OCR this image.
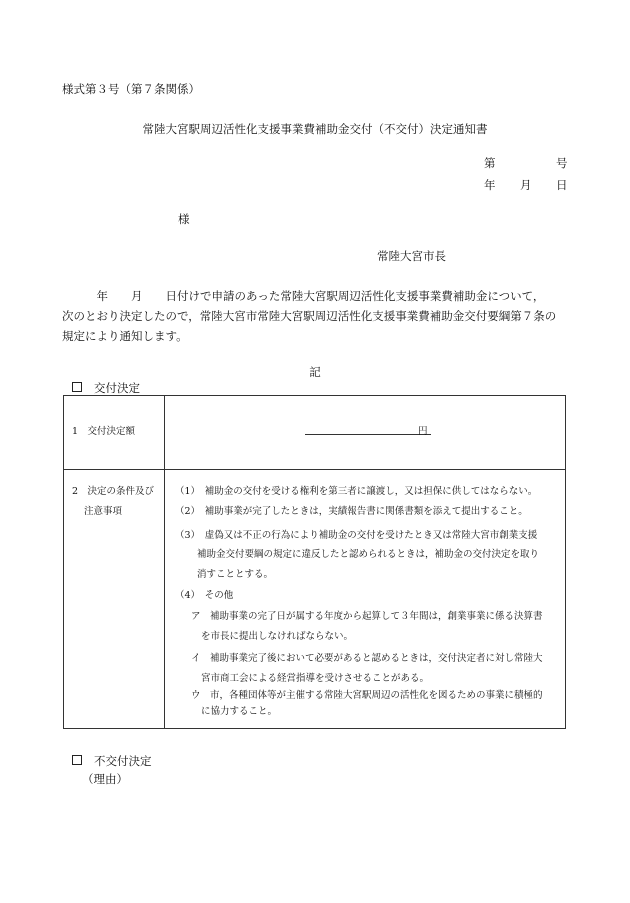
様式第３号（第７条関係）
常陸大宮駅周辺活性化支援事業費補助金交付（不交付）決定通知書
第	号
年 月 日
様
常陸大宮市長
　　　年　　月　　日付けで申請のあった常陸大宮駅周辺活性化支援事業費補助金について，
次のとおり決定したので，常陸大宮市常陸大宮駅周辺活性化支援事業費補助金交付要綱第７条の
規定により通知します。
記
交付決定
1　交付決定額	円
2　決定の条件及び
注意事項
（1）　補助金の交付を受ける権利を第三者に譲渡し，又は担保に供してはならない。
（2）　補助事業が完了したときは，実績報告書に関係書類を添えて提出すること。
（3）　虚偽又は不正の行為により補助金の交付を受けたとき又は常陸大宮市創業支援
補助金交付要綱の規定に違反したと認められるときは，補助金の交付決定を取り
消すこととする。
（4）　その他
ア　補助事業の完了日が属する年度から起算して３年間は，創業事業に係る決算書
を市長に提出しなければならない。
イ　補助事業完了後において必要があると認めるときは，交付決定者に対し常陸大
宮市商工会による経営指導を受けさせることがある。
ウ　市，各種団体等が主催する常陸大宮駅周辺の活性化を図るための事業に積極的
に協力すること。
不交付決定
（理由）
